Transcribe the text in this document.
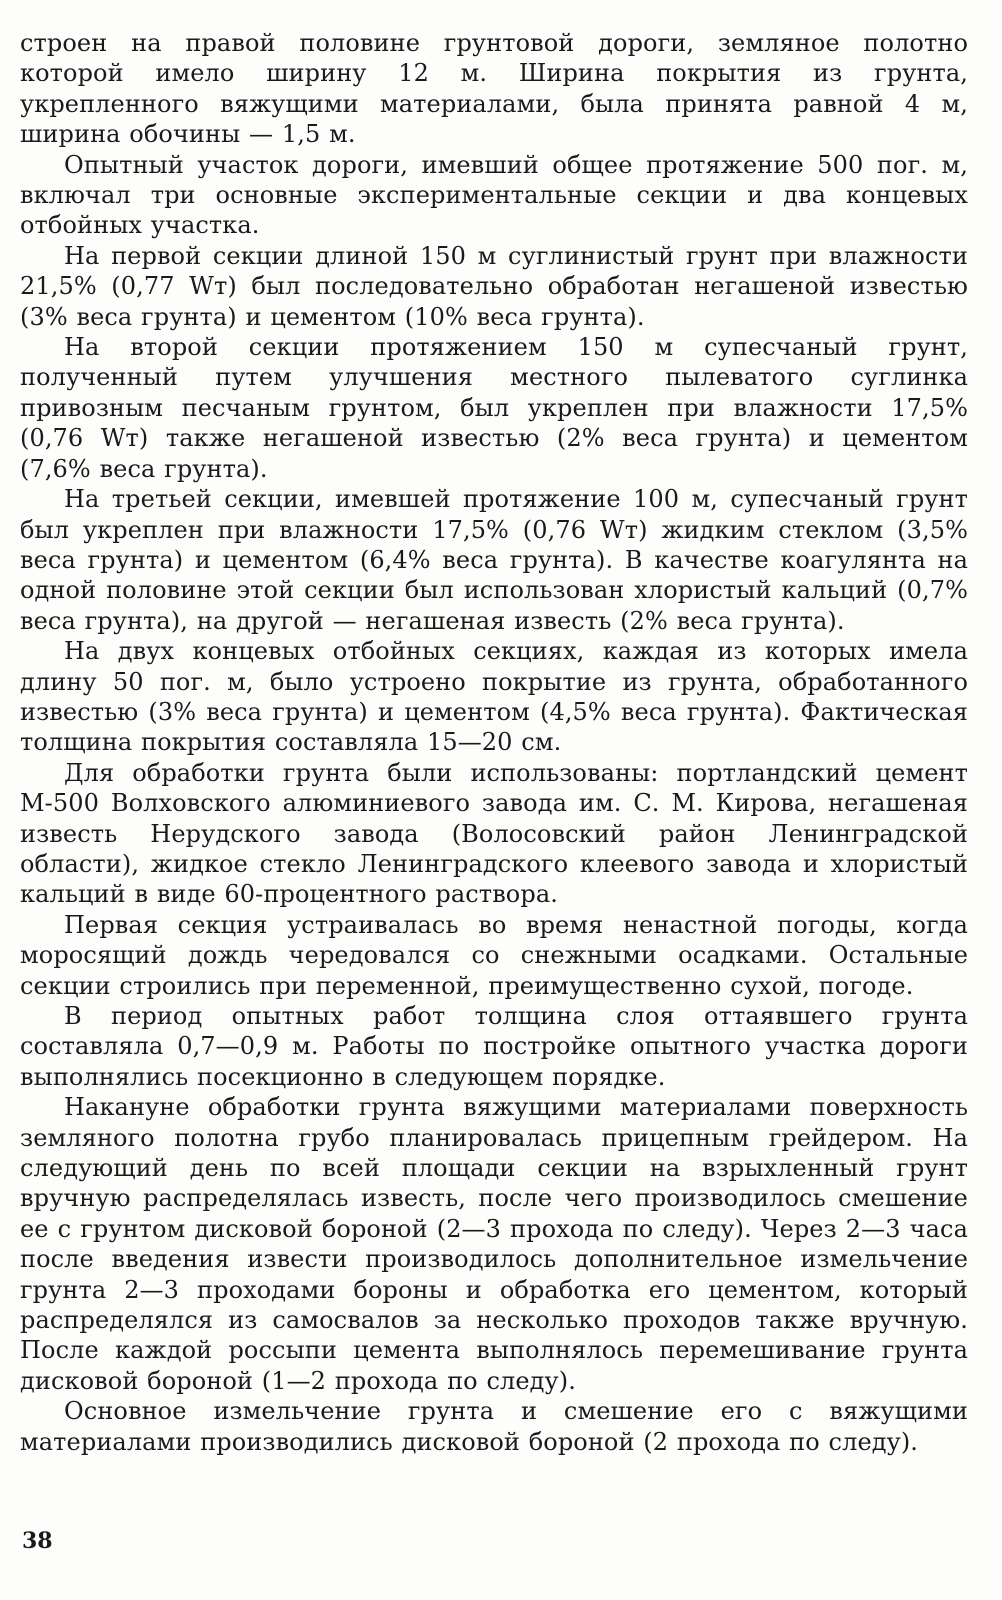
строен на правой половине грунтовой дороги, земляное полотно которой имело ширину 12 м. Ширина покрытия из грунта, укрепленного вяжущими материалами, была принята равной 4 м, ширина обочины — 1,5 м.

Опытный участок дороги, имевший общее протяжение 500 пог. м, включал три основные экспериментальные секции и два концевых отбойных участка.

На первой секции длиной 150 м суглинистый грунт при влажности 21,5% (0,77 Wт) был последовательно обработан негашеной известью (3% веса грунта) и цементом (10% веса грунта).

На второй секции протяжением 150 м супесчаный грунт, полученный путем улучшения местного пылеватого суглинка привозным песчаным грунтом, был укреплен при влажности 17,5% (0,76 Wт) также негашеной известью (2% веса грунта) и цементом (7,6% веса грунта).

На третьей секции, имевшей протяжение 100 м, супесчаный грунт был укреплен при влажности 17,5% (0,76 Wт) жидким стеклом (3,5% веса грунта) и цементом (6,4% веса грунта). В качестве коагулянта на одной половине этой секции был использован хлористый кальций (0,7% веса грунта), на другой — негашеная известь (2% веса грунта).

На двух концевых отбойных секциях, каждая из которых имела длину 50 пог. м, было устроено покрытие из грунта, обработанного известью (3% веса грунта) и цементом (4,5% веса грунта). Фактическая толщина покрытия составляла 15—20 см.

Для обработки грунта были использованы: портландский цемент М-500 Волховского алюминиевого завода им. С. М. Кирова, негашеная известь Нерудского завода (Волосовский район Ленинградской области), жидкое стекло Ленинградского клеевого завода и хлористый кальций в виде 60-процентного раствора.

Первая секция устраивалась во время ненастной погоды, когда моросящий дождь чередовался со снежными осадками. Остальные секции строились при переменной, преимущественно сухой, погоде.

В период опытных работ толщина слоя оттаявшего грунта составляла 0,7—0,9 м. Работы по постройке опытного участка дороги выполнялись посекционно в следующем порядке.

Накануне обработки грунта вяжущими материалами поверхность земляного полотна грубо планировалась прицепным грейдером. На следующий день по всей площади секции на взрыхленный грунт вручную распределялась известь, после чего производилось смешение ее с грунтом дисковой бороной (2—3 прохода по следу). Через 2—3 часа после введения извести производилось дополнительное измельчение грунта 2—3 проходами бороны и обработка его цементом, который распределялся из самосвалов за несколько проходов также вручную. После каждой россыпи цемента выполнялось перемешивание грунта дисковой бороной (1—2 прохода по следу).

Основное измельчение грунта и смешение его с вяжущими материалами производились дисковой бороной (2 прохода по следу).

38
